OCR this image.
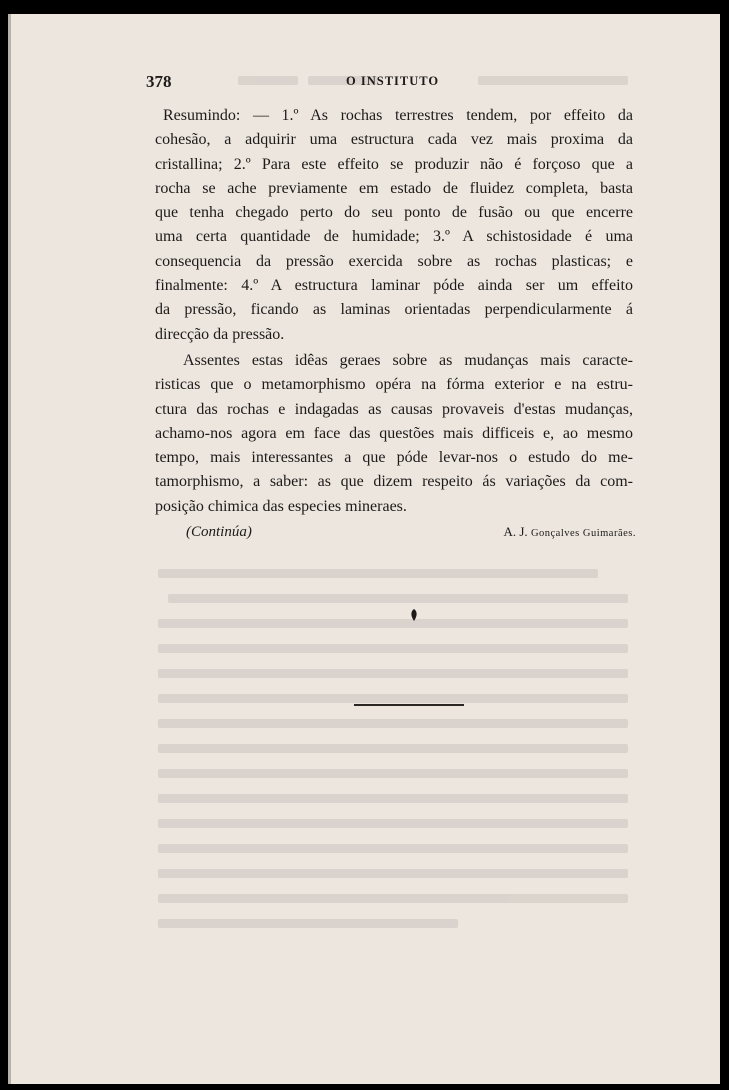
378	O INSTITUTO

Resumindo: — 1.º As rochas terrestres tendem, por effeito da
cohesão, a adquirir uma estructura cada vez mais proxima da
cristallina; 2.º Para este effeito se produzir não é forçoso que a
rocha se ache previamente em estado de fluidez completa, basta
que tenha chegado perto do seu ponto de fusão ou que encerre
uma certa quantidade de humidade; 3.º A schistosidade é uma
consequencia da pressão exercida sobre as rochas plasticas; e
finalmente: 4.º A estructura laminar póde ainda ser um effeito
da pressão, ficando as laminas orientadas perpendicularmente á
direcção da pressão.

Assentes estas idêas geraes sobre as mudanças mais caracte-
risticas que o metamorphismo opéra na fórma exterior e na estru-
ctura das rochas e indagadas as causas provaveis d'estas mudanças,
achamo-nos agora em face das questões mais difficeis e, ao mesmo
tempo, mais interessantes a que póde levar-nos o estudo do me-
tamorphismo, a saber: as que dizem respeito ás variações da com-
posição chimica das especies mineraes.

(Continúa)	A. J. Gonçalves Guimarães.
